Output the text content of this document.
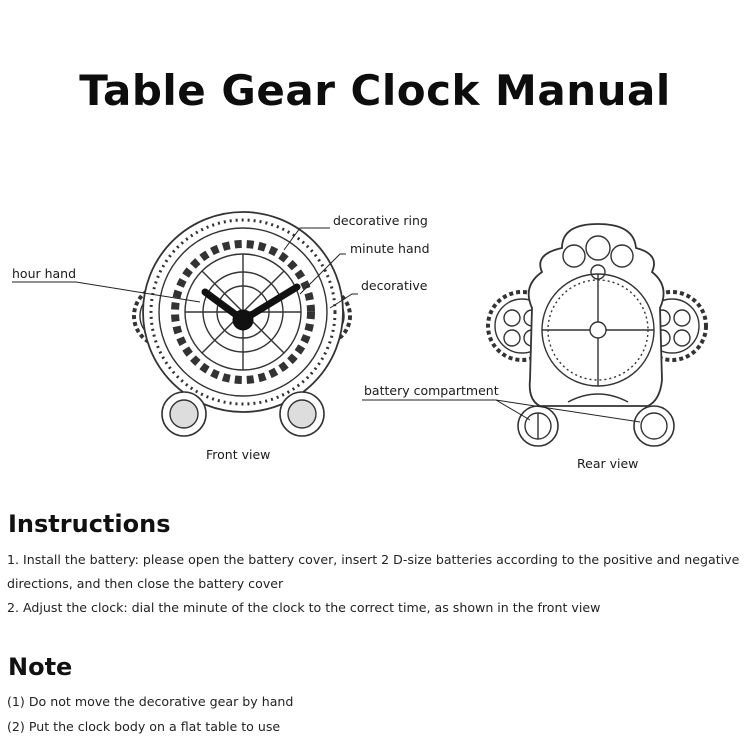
Table Gear Clock Manual
decorative ring
minute hand
hour hand
decorative
Front view
battery compartment
Rear view
Instructions
1. Install the battery: please open the battery cover, insert 2 D-size batteries according to the positive and negative directions, and then close the battery cover
2. Adjust the clock: dial the minute of the clock to the correct time, as shown in the front view
Note
(1) Do not move the decorative gear by hand
(2) Put the clock body on a flat table to use
